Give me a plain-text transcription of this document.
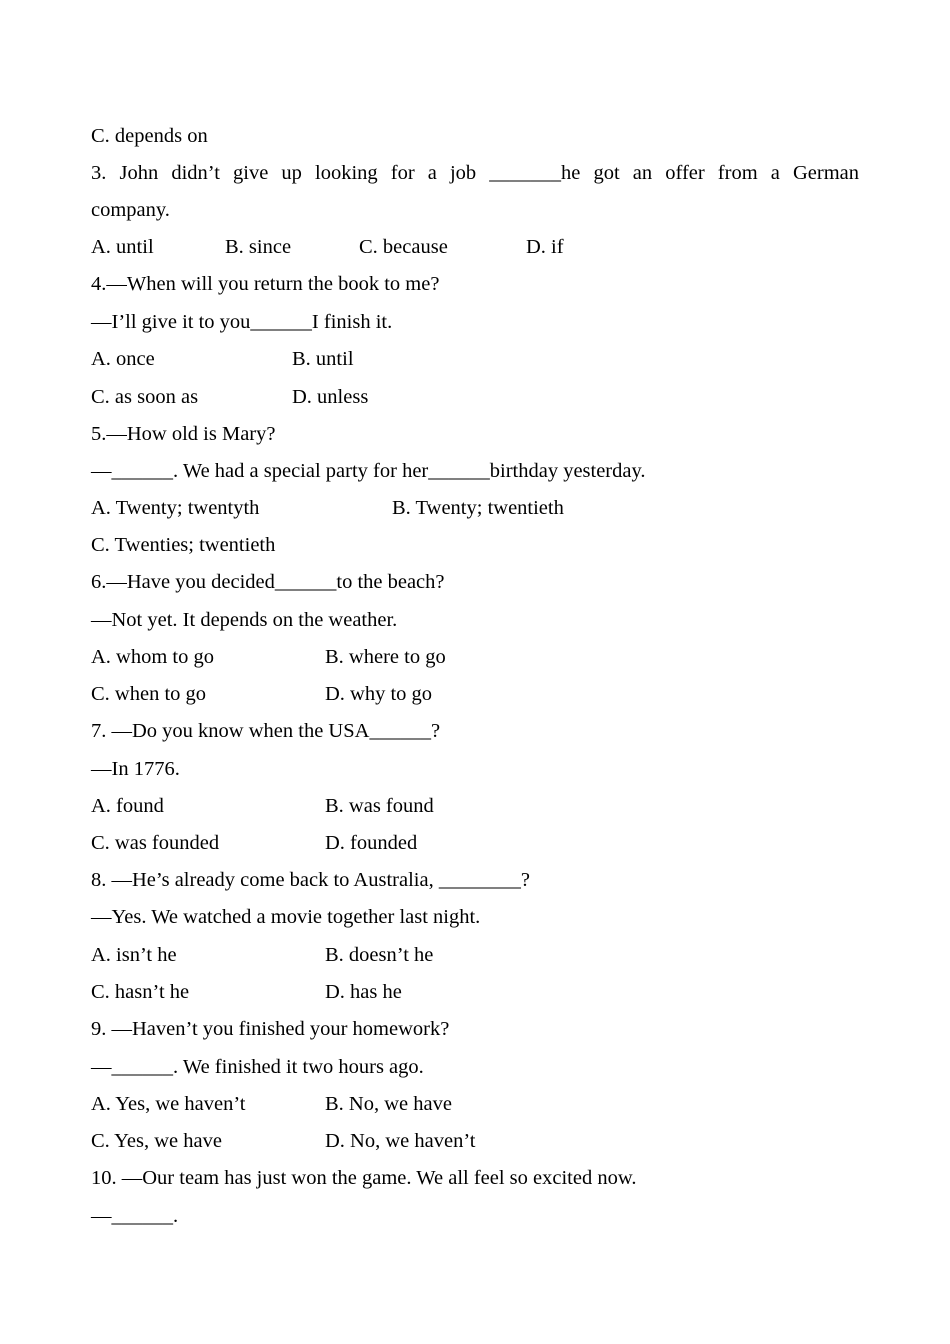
C. depends on
3. John didn’t give up looking for a job _______he got an offer from a German
company.
A. until	B. since	C. because	D. if
4.—When will you return the book to me?
—I’ll give it to you______I finish it.
A. once	B. until
C. as soon as	D. unless
5.—How old is Mary?
—______. We had a special party for her______birthday yesterday.
A. Twenty; twentyth	B. Twenty; twentieth
C. Twenties; twentieth
6.—Have you decided______to the beach?
—Not yet. It depends on the weather.
A. whom to go	B. where to go
C. when to go	D. why to go
7. —Do you know when the USA______?
—In 1776.
A. found	B. was found
C. was founded	D. founded
8. —He’s already come back to Australia, ________?
—Yes. We watched a movie together last night.
A. isn’t he	B. doesn’t he
C. hasn’t he	D. has he
9. —Haven’t you finished your homework?
—______. We finished it two hours ago.
A. Yes, we haven’t	B. No, we have
C. Yes, we have	D. No, we haven’t
10. —Our team has just won the game. We all feel so excited now.
—______.
